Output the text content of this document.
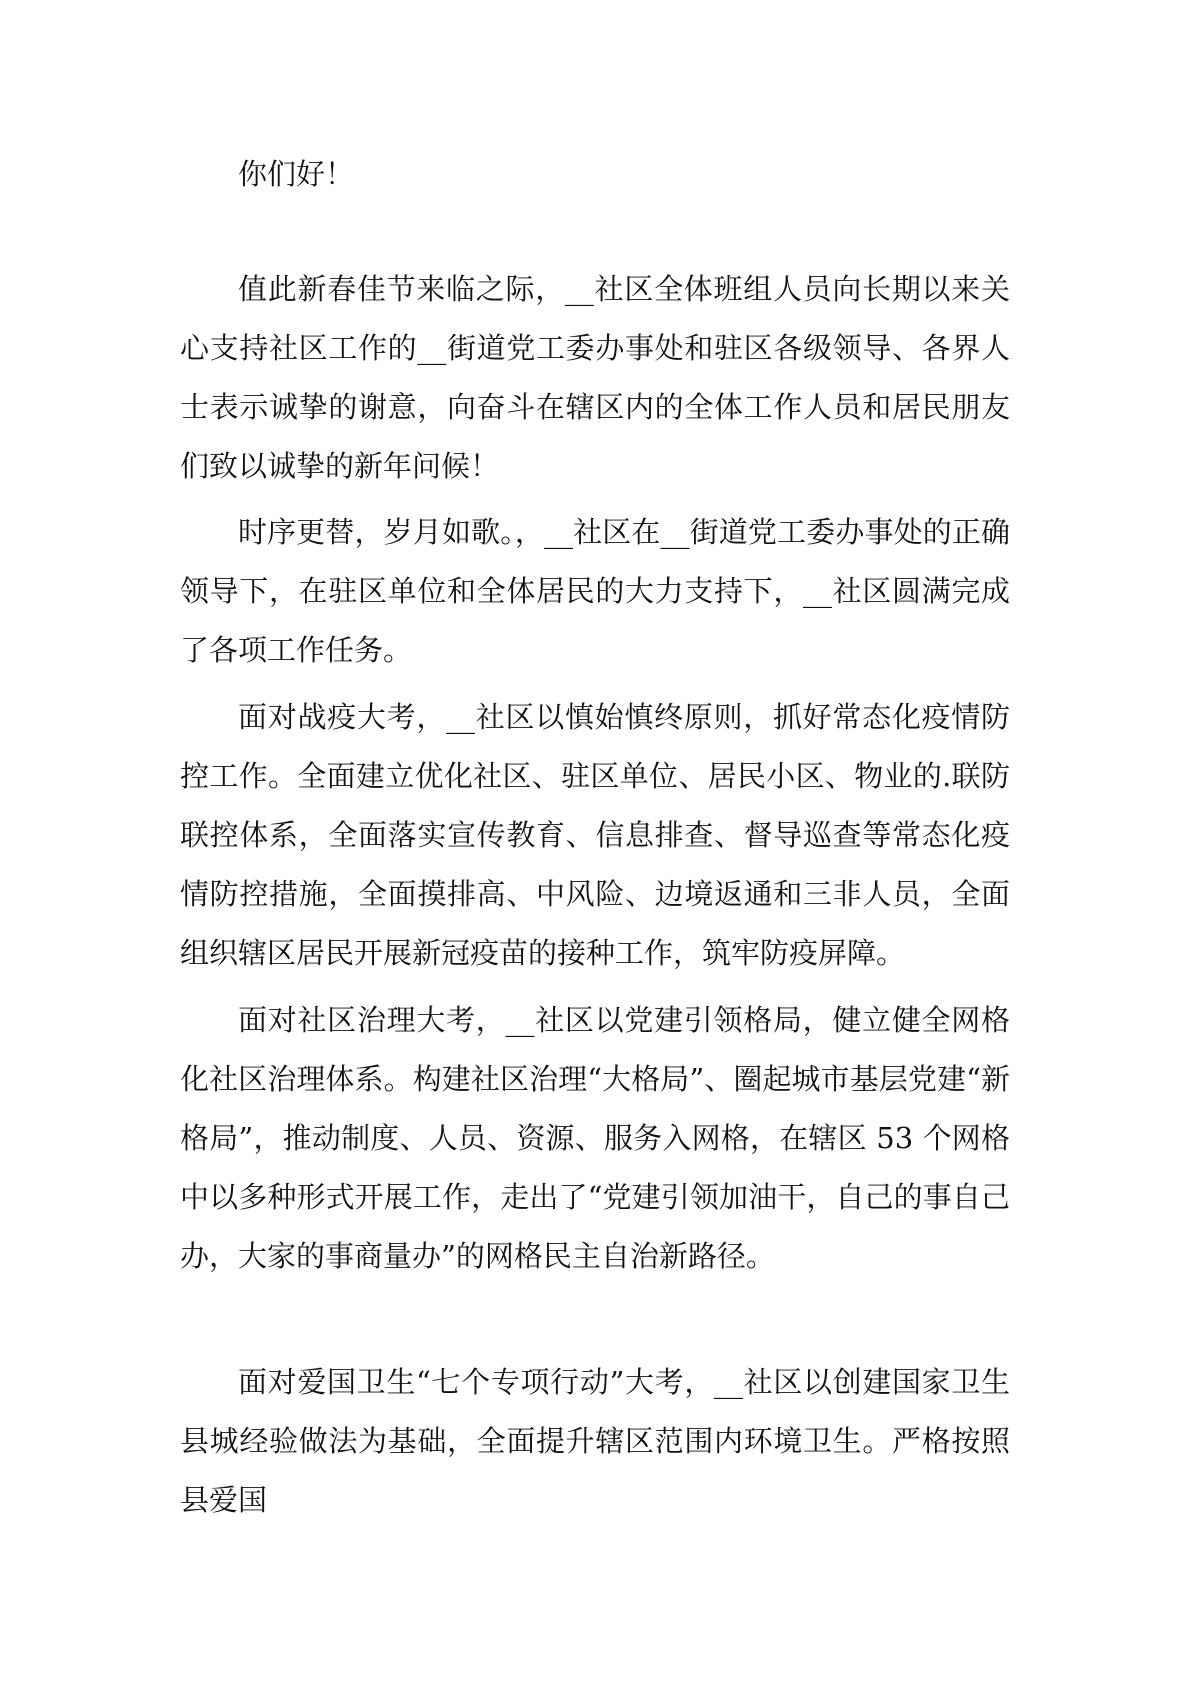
你们好！

值此新春佳节来临之际，__社区全体班组人员向长期以来关心支持社区工作的__街道党工委办事处和驻区各级领导、各界人士表示诚挚的谢意，向奋斗在辖区内的全体工作人员和居民朋友们致以诚挚的新年问候！

时序更替，岁月如歌。，__社区在__街道党工委办事处的正确领导下，在驻区单位和全体居民的大力支持下，__社区圆满完成了各项工作任务。

面对战疫大考，__社区以慎始慎终原则，抓好常态化疫情防控工作。全面建立优化社区、驻区单位、居民小区、物业的.联防联控体系，全面落实宣传教育、信息排查、督导巡查等常态化疫情防控措施，全面摸排高、中风险、边境返通和三非人员，全面组织辖区居民开展新冠疫苗的接种工作，筑牢防疫屏障。

面对社区治理大考，__社区以党建引领格局，健立健全网格化社区治理体系。构建社区治理“大格局”、圈起城市基层党建“新格局”，推动制度、人员、资源、服务入网格，在辖区 53 个网格中以多种形式开展工作，走出了“党建引领加油干，自己的事自己办，大家的事商量办”的网格民主自治新路径。

面对爱国卫生“七个专项行动”大考，__社区以创建国家卫生县城经验做法为基础，全面提升辖区范围内环境卫生。严格按照县爱国
